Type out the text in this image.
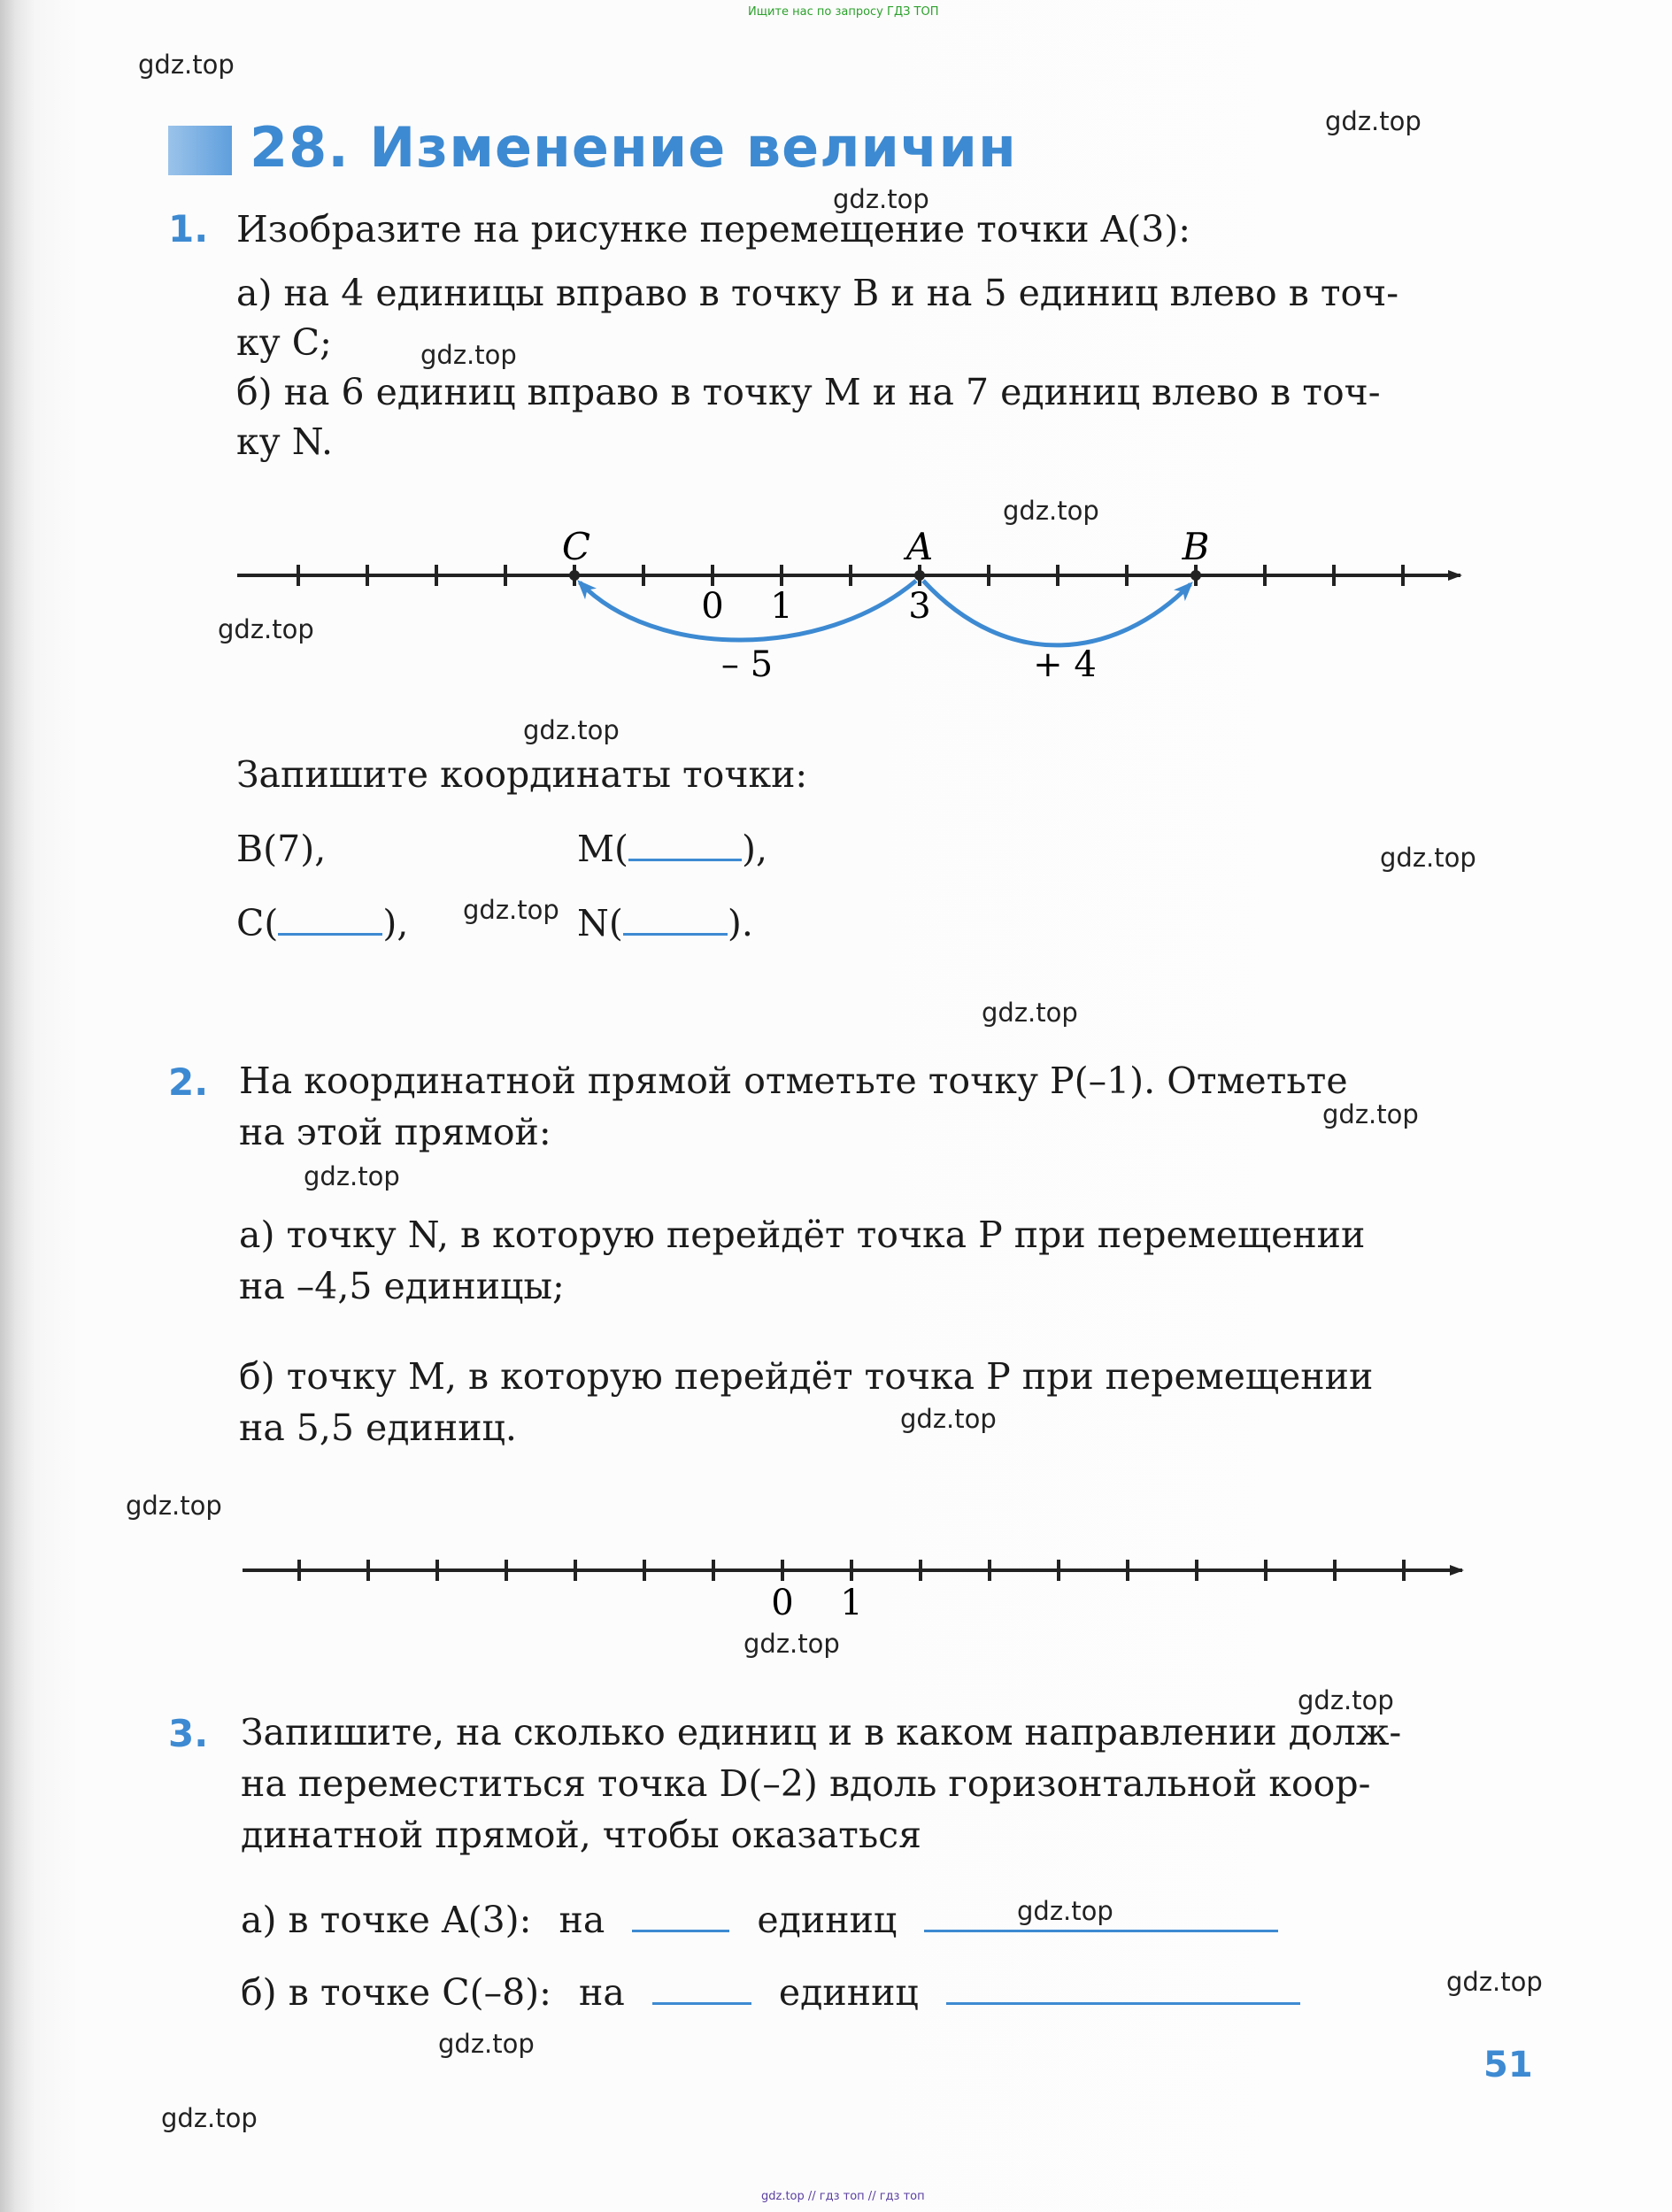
Ищите нас по запросу ГДЗ ТОП
gdz.top
gdz.top
gdz.top
gdz.top
gdz.top
gdz.top
gdz.top
gdz.top
gdz.top
gdz.top
gdz.top
gdz.top
gdz.top
gdz.top
gdz.top
gdz.top
gdz.top
gdz.top
gdz.top
gdz.top
28. Изменение величин
1. Изобразите на рисунке перемещение точки A(3):
а) на 4 единицы вправо в точку B и на 5 единиц влево в точ-
ку C;
б) на 6 единиц вправо в точку M и на 7 единиц влево в точ-
ку N.
C	A	B
0 1	3
– 5	+ 4
Запишите координаты точки:
B(7),	M(	),
C(	),	N(	).
2. На координатной прямой отметьте точку P(–1). Отметьте
на этой прямой:
а) точку N, в которую перейдёт точка P при перемещении
на –4,5 единицы;
б) точку M, в которую перейдёт точка P при перемещении
на 5,5 единиц.
0 1
3. Запишите, на сколько единиц и в каком направлении долж-
на переместиться точка D(–2) вдоль горизонтальной коор-
динатной прямой, чтобы оказаться
а) в точке A(3): на	единиц
б) в точке C(–8): на	единиц
51
gdz.top // гдз топ // гдз топ
